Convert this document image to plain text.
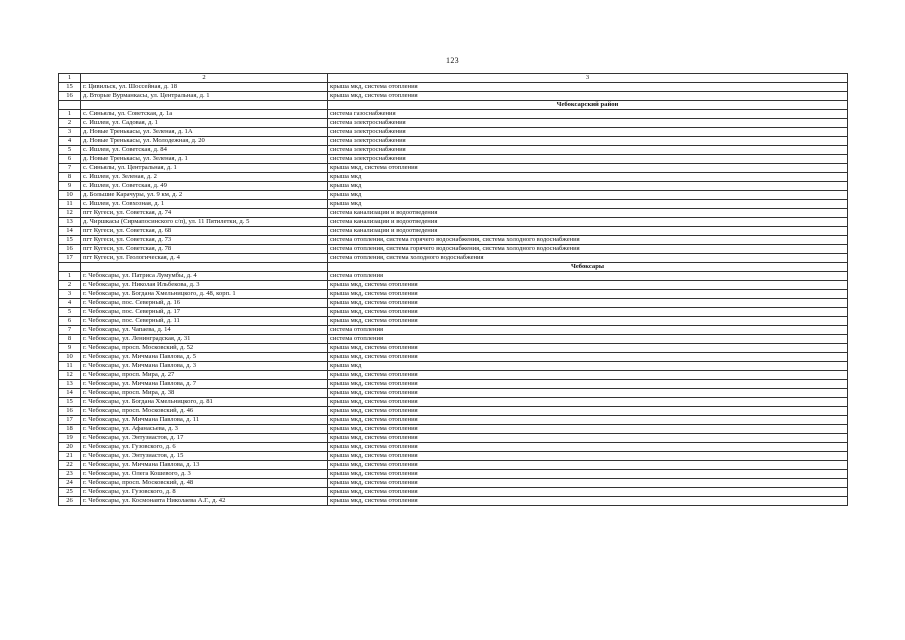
123
1	2	3
15	г. Цивильск, ул. Шоссейная, д. 18	крыша мкд, система отопления
16	д. Вторые Вурманкасы, ул. Центральная, д. 1	крыша мкд, система отопления
		Чебоксарский район
1	с. Синьялы, ул. Советская, д. 1а	система газоснабжения
2	с. Ишлеи, ул. Садовая, д. 1	система электроснабжения
3	д. Новые Тренькасы, ул. Зеленая, д. 1А	система электроснабжения
4	д. Новые Тренькасы, ул. Молодежная, д. 20	система электроснабжения
5	с. Ишлеи, ул. Советская, д. 84	система электроснабжения
6	д. Новые Тренькасы, ул. Зеленая, д. 1	система электроснабжения
7	с. Синьялы, ул. Центральная, д. 1	крыша мкд, система отопления
8	с. Ишлеи, ул. Зеленая, д. 2	крыша мкд
9	с. Ишлеи, ул. Советская, д. 49	крыша мкд
10	д. Большие Карачуры, ул. 9 км, д. 2	крыша мкд
11	с. Ишлеи, ул. Совхозная, д. 1	крыша мкд
12	пгт Кугеси, ул. Советская, д. 74	система канализации и водоотведения
13	д. Чиршкасы (Сирмапосинского с/п), ул. 11 Пятилетки, д. 5	система канализации и водоотведения
14	пгт Кугеси, ул. Советская, д. 68	система канализации и водоотведения
15	пгт Кугеси, ул. Советская, д. 73	система отопления, система горячего водоснабжения, система холодного водоснабжения
16	пгт Кугеси, ул. Советская, д. 78	система отопления, система горячего водоснабжения, система холодного водоснабжения
17	пгт Кугеси, ул. Геологическая, д. 4	система отопления, система холодного водоснабжения
		Чебоксары
1	г. Чебоксары, ул. Патриса Лумумбы, д. 4	система отопления
2	г. Чебоксары, ул. Николая Ильбекова, д. 3	крыша мкд, система отопления
3	г. Чебоксары, ул. Богдана Хмельницкого, д. 48, корп. 1	крыша мкд, система отопления
4	г. Чебоксары, пос. Северный, д. 16	крыша мкд, система отопления
5	г. Чебоксары, пос. Северный, д. 17	крыша мкд, система отопления
6	г. Чебоксары, пос. Северный, д. 11	крыша мкд, система отопления
7	г. Чебоксары, ул. Чапаева, д. 14	система отопления
8	г. Чебоксары, ул. Ленинградская, д. 31	система отопления
9	г. Чебоксары, просп. Московский, д. 52	крыша мкд, система отопления
10	г. Чебоксары, ул. Мичмана Павлова, д. 5	крыша мкд, система отопления
11	г. Чебоксары, ул. Мичмана Павлова, д. 3	крыша мкд
12	г. Чебоксары, просп. Мира, д. 27	крыша мкд, система отопления
13	г. Чебоксары, ул. Мичмана Павлова, д. 7	крыша мкд, система отопления
14	г. Чебоксары, просп. Мира, д. 38	крыша мкд, система отопления
15	г. Чебоксары, ул. Богдана Хмельницкого, д. 81	крыша мкд, система отопления
16	г. Чебоксары, просп. Московский, д. 46	крыша мкд, система отопления
17	г. Чебоксары, ул. Мичмана Павлова, д. 11	крыша мкд, система отопления
18	г. Чебоксары, ул. Афанасьева, д. 3	крыша мкд, система отопления
19	г. Чебоксары, ул. Энтузиастов, д. 17	крыша мкд, система отопления
20	г. Чебоксары, ул. Гузовского, д. 6	крыша мкд, система отопления
21	г. Чебоксары, ул. Энтузиастов, д. 15	крыша мкд, система отопления
22	г. Чебоксары, ул. Мичмана Павлова, д. 13	крыша мкд, система отопления
23	г. Чебоксары, ул. Олега Кошевого, д. 3	крыша мкд, система отопления
24	г. Чебоксары, просп. Московский, д. 48	крыша мкд, система отопления
25	г. Чебоксары, ул. Гузовского, д. 8	крыша мкд, система отопления
26	г. Чебоксары, ул. Космонавта Николаева А.Г., д. 42	крыша мкд, система отопления
